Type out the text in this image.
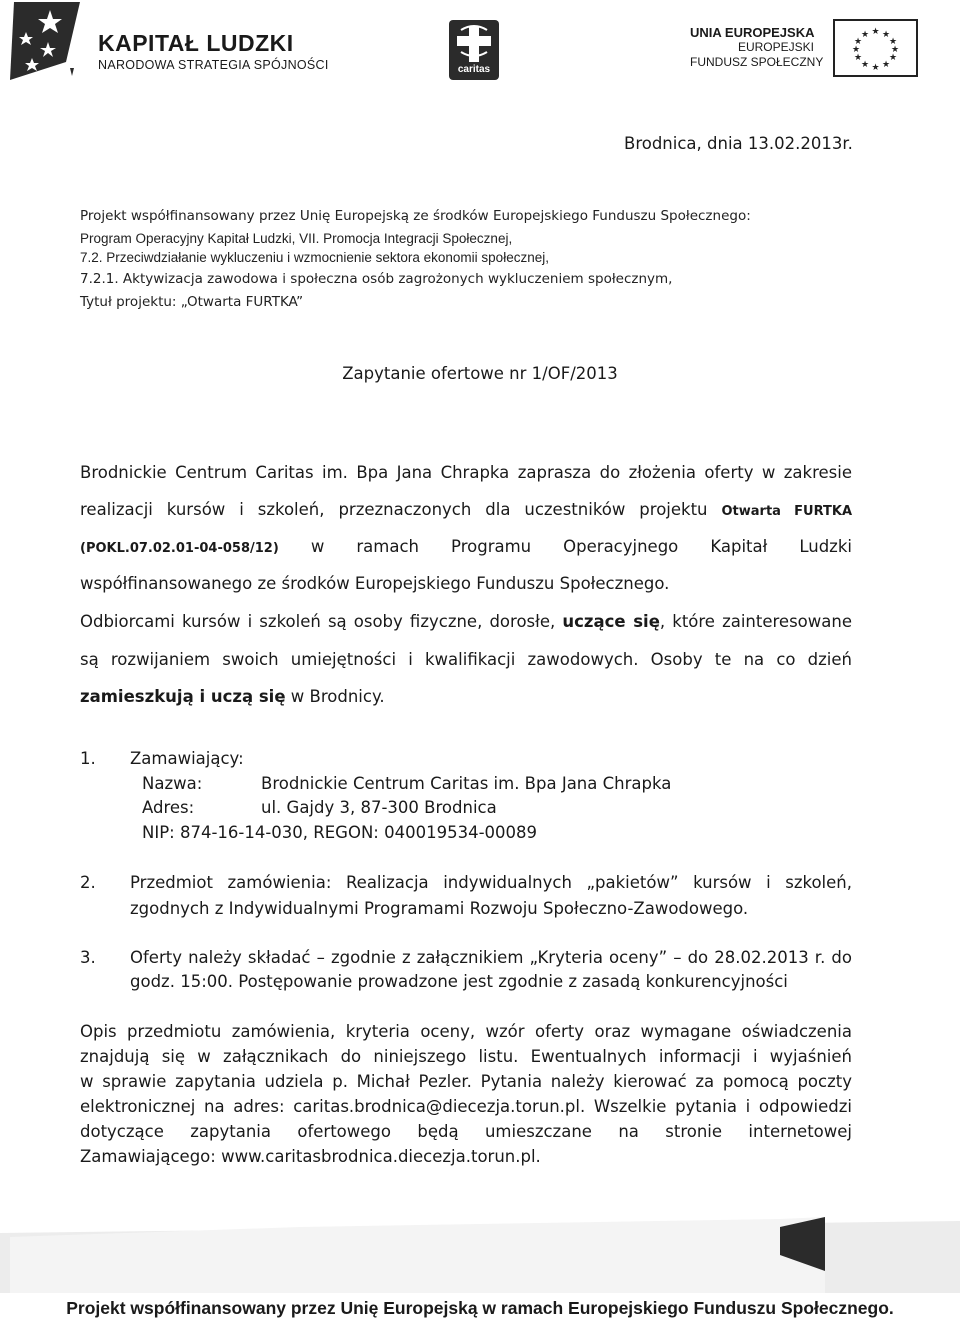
KAPITAŁ LUDZKI
NARODOWA STRATEGIA SPÓJNOŚCI	caritas
UNIA EUROPEJSKA
EUROPEJSKI
FUNDUSZ SPOŁECZNY
★ ★
★
★
★
★
★
★
★
★
★
★
Brodnica, dnia 13.02.2013r.
Projekt współfinansowany przez Unię Europejską ze środków Europejskiego Funduszu Społecznego:
Program Operacyjny Kapitał Ludzki, VII. Promocja Integracji Społecznej,
7.2. Przeciwdziałanie wykluczeniu i wzmocnienie sektora ekonomii społecznej,
7.2.1. Aktywizacja zawodowa i społeczna osób zagrożonych wykluczeniem społecznym,
Tytuł projektu: „Otwarta FURTKA”
Zapytanie ofertowe nr 1/OF/2013
Brodnickie Centrum Caritas im. Bpa Jana Chrapka zaprasza do złożenia oferty w zakresie
realizacji kursów i szkoleń, przeznaczonych dla uczestników projektu Otwarta FURTKA
(POKL.07.02.01-04-058/12) w ramach Programu Operacyjnego Kapitał Ludzki
współfinansowanego ze środków Europejskiego Funduszu Społecznego.
Odbiorcami kursów i szkoleń są osoby fizyczne, dorosłe, uczące się, które zainteresowane
są rozwijaniem swoich umiejętności i kwalifikacji zawodowych. Osoby te na co dzień
zamieszkują i uczą się w Brodnicy.
1. Zamawiający:
Nazwa:	Brodnickie Centrum Caritas im. Bpa Jana Chrapka
Adres:	ul. Gajdy 3, 87-300 Brodnica
NIP: 874-16-14-030, REGON: 040019534-00089
2. Przedmiot zamówienia: Realizacja indywidualnych „pakietów” kursów i szkoleń,
zgodnych z Indywidualnymi Programami Rozwoju Społeczno-Zawodowego.
3. Oferty należy składać – zgodnie z załącznikiem „Kryteria oceny” – do 28.02.2013 r. do
godz. 15:00. Postępowanie prowadzone jest zgodnie z zasadą konkurencyjności
Opis przedmiotu zamówienia, kryteria oceny, wzór oferty oraz wymagane oświadczenia
znajdują się w załącznikach do niniejszego listu. Ewentualnych informacji i wyjaśnień
w sprawie zapytania udziela p. Michał Pezler. Pytania należy kierować za pomocą poczty
elektronicznej na adres: caritas.brodnica@diecezja.torun.pl. Wszelkie pytania i odpowiedzi
dotyczące zapytania ofertowego będą umieszczane na stronie internetowej
Zamawiającego: www.caritasbrodnica.diecezja.torun.pl.
Projekt współfinansowany przez Unię Europejską w ramach Europejskiego Funduszu Społecznego.
